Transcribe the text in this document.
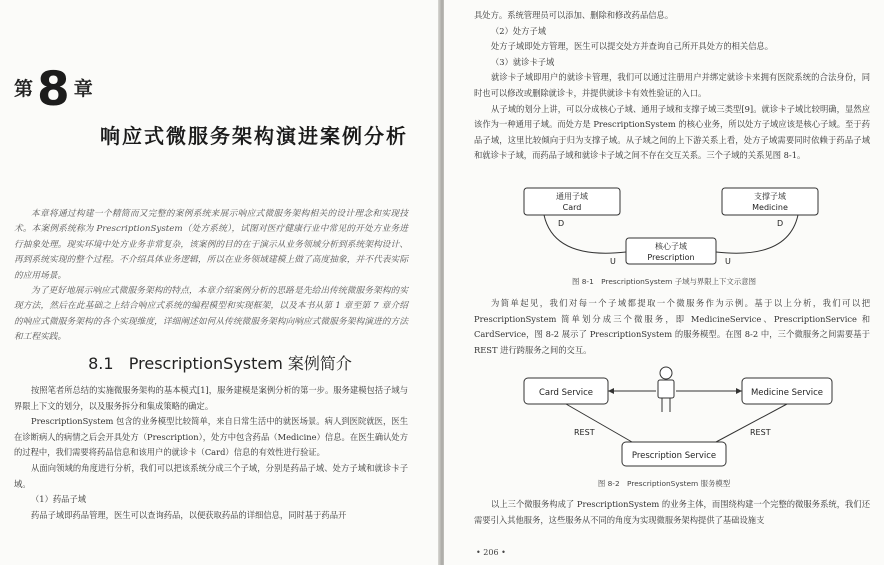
第8 章
响应式微服务架构演进案例分析

本章将通过构建一个精简而又完整的案例系统来展示响应式微服务架构相关的设计理念和实现技术。本案例系统称为 PrescriptionSystem（处方系统），试图对医疗健康行业中常见的开处方业务进行抽象处理。现实环境中处方业务非常复杂，该案例的目的在于演示从业务领域分析到系统架构设计、再到系统实现的整个过程。不介绍具体业务逻辑，所以在业务领域建模上做了高度抽象，并不代表实际的应用场景。

为了更好地展示响应式微服务架构的特点，本章介绍案例分析的思路是先给出传统微服务架构的实现方法，然后在此基础之上结合响应式系统的编程模型和实现框架，以及本书从第 1 章至第 7 章介绍的响应式微服务架构的各个实现维度，详细阐述如何从传统微服务架构向响应式微服务架构演进的方法和工程实践。

8.1 PrescriptionSystem 案例简介

按照笔者所总结的实施微服务架构的基本模式[1]，服务建模是案例分析的第一步。服务建模包括子域与界限上下文的划分，以及服务拆分和集成策略的确定。

PrescriptionSystem 包含的业务模型比较简单，来自日常生活中的就医场景。病人到医院就医，医生在诊断病人的病情之后会开具处方（Prescription），处方中包含药品（Medicine）信息。在医生确认处方的过程中，我们需要将药品信息和该用户的就诊卡（Card）信息的有效性进行验证。

从面向领域的角度进行分析，我们可以把该系统分成三个子域，分别是药品子域、处方子域和就诊卡子域。

（1）药品子域

药品子域即药品管理，医生可以查询药品，以便获取药品的详细信息，同时基于药品开

具处方。系统管理员可以添加、删除和修改药品信息。

（2）处方子域

处方子域即处方管理，医生可以提交处方并查询自己所开具处方的相关信息。

（3）就诊卡子域

就诊卡子域即用户的就诊卡管理，我们可以通过注册用户并绑定就诊卡来拥有医院系统的合法身份，同时也可以修改或删除就诊卡，并提供就诊卡有效性验证的入口。

从子域的划分上讲，可以分成核心子域、通用子域和支撑子域三类型[9]。就诊卡子域比较明确，显然应该作为一种通用子域。而处方是 PrescriptionSystem 的核心业务，所以处方子域应该是核心子域。至于药品子域，这里比较倾向于归为支撑子域。从子域之间的上下游关系上看，处方子域需要同时依赖于药品子域和就诊卡子域，而药品子域和就诊卡子域之间不存在交互关系。三个子域的关系见图 8-1。

通用子域
Card
支撑子域
Medicine
核心子域
Prescription
D	D
U	U
图 8-1　PrescriptionSystem 子域与界限上下文示意图

为简单起见，我们对每一个子域都提取一个微服务作为示例。基于以上分析，我们可以把 PrescriptionSystem 简单划分成三个微服务，即 MedicineService、PrescriptionService 和 CardService，图 8-2 展示了 PrescriptionSystem 的服务模型。在图 8-2 中，三个微服务之间需要基于 REST 进行跨服务之间的交互。

Card Service	Medicine Service
Prescription Service
REST	REST
图 8-2　PrescriptionSystem 服务模型

以上三个微服务构成了 PrescriptionSystem 的业务主体，而围绕构建一个完整的微服务系统，我们还需要引入其他服务，这些服务从不同的角度为实现微服务架构提供了基础设施支

• 206 •
